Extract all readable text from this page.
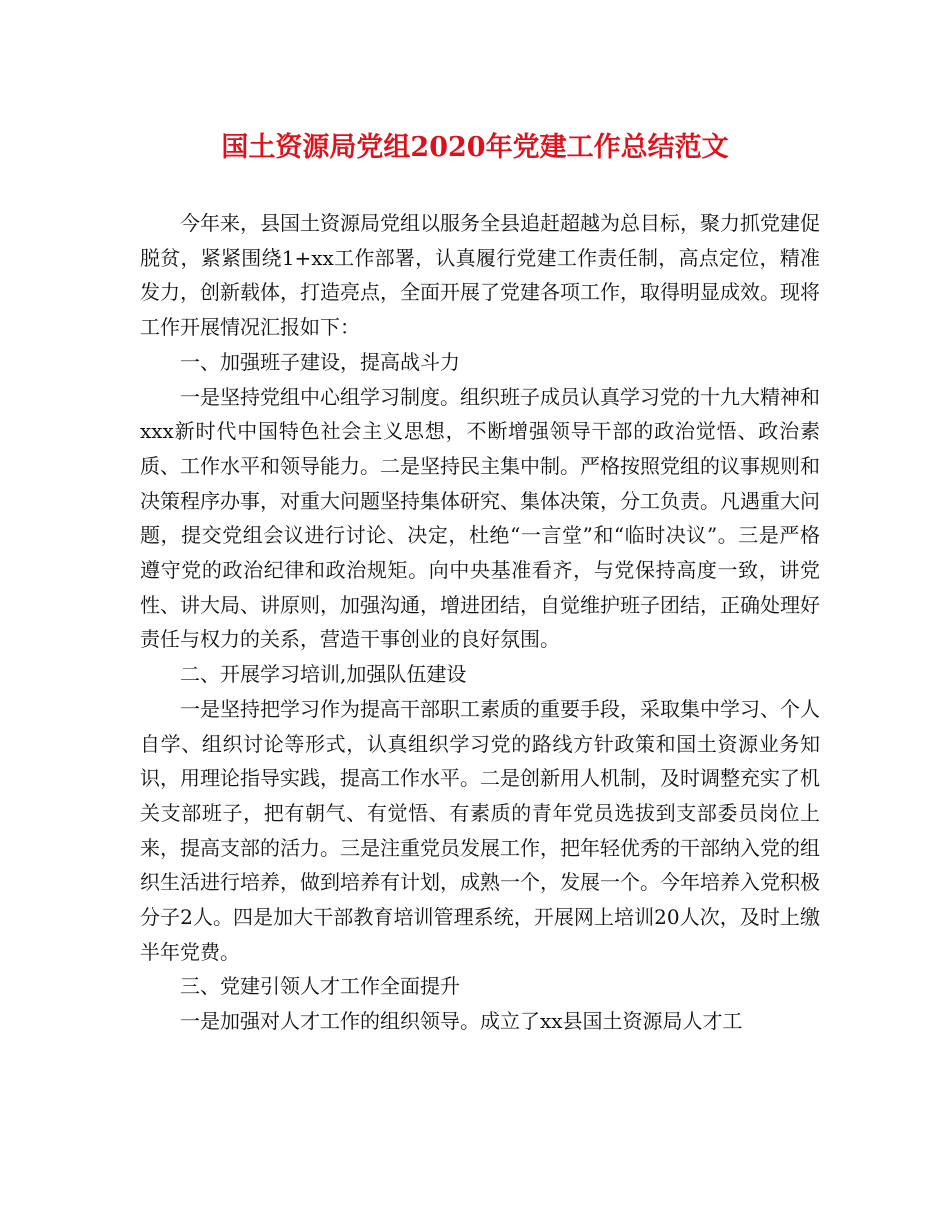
国土资源局党组2020年党建工作总结范文

今年来，县国土资源局党组以服务全县追赶超越为总目标，聚力抓党建促脱贫，紧紧围绕1+xx工作部署，认真履行党建工作责任制，高点定位，精准发力，创新载体，打造亮点，全面开展了党建各项工作，取得明显成效。现将工作开展情况汇报如下：

一、加强班子建设，提高战斗力

一是坚持党组中心组学习制度。组织班子成员认真学习党的十九大精神和xxx新时代中国特色社会主义思想，不断增强领导干部的政治觉悟、政治素质、工作水平和领导能力。二是坚持民主集中制。严格按照党组的议事规则和决策程序办事，对重大问题坚持集体研究、集体决策，分工负责。凡遇重大问题，提交党组会议进行讨论、决定，杜绝“一言堂”和“临时决议”。三是严格遵守党的政治纪律和政治规矩。向中央基准看齐，与党保持高度一致，讲党性、讲大局、讲原则，加强沟通，增进团结，自觉维护班子团结，正确处理好责任与权力的关系，营造干事创业的良好氛围。

二、开展学习培训,加强队伍建设

一是坚持把学习作为提高干部职工素质的重要手段，采取集中学习、个人自学、组织讨论等形式，认真组织学习党的路线方针政策和国土资源业务知识，用理论指导实践，提高工作水平。二是创新用人机制，及时调整充实了机关支部班子，把有朝气、有觉悟、有素质的青年党员选拔到支部委员岗位上来，提高支部的活力。三是注重党员发展工作，把年轻优秀的干部纳入党的组织生活进行培养，做到培养有计划，成熟一个，发展一个。今年培养入党积极分子2人。四是加大干部教育培训管理系统，开展网上培训20人次，及时上缴半年党费。

三、党建引领人才工作全面提升

一是加强对人才工作的组织领导。成立了xx县国土资源局人才工
